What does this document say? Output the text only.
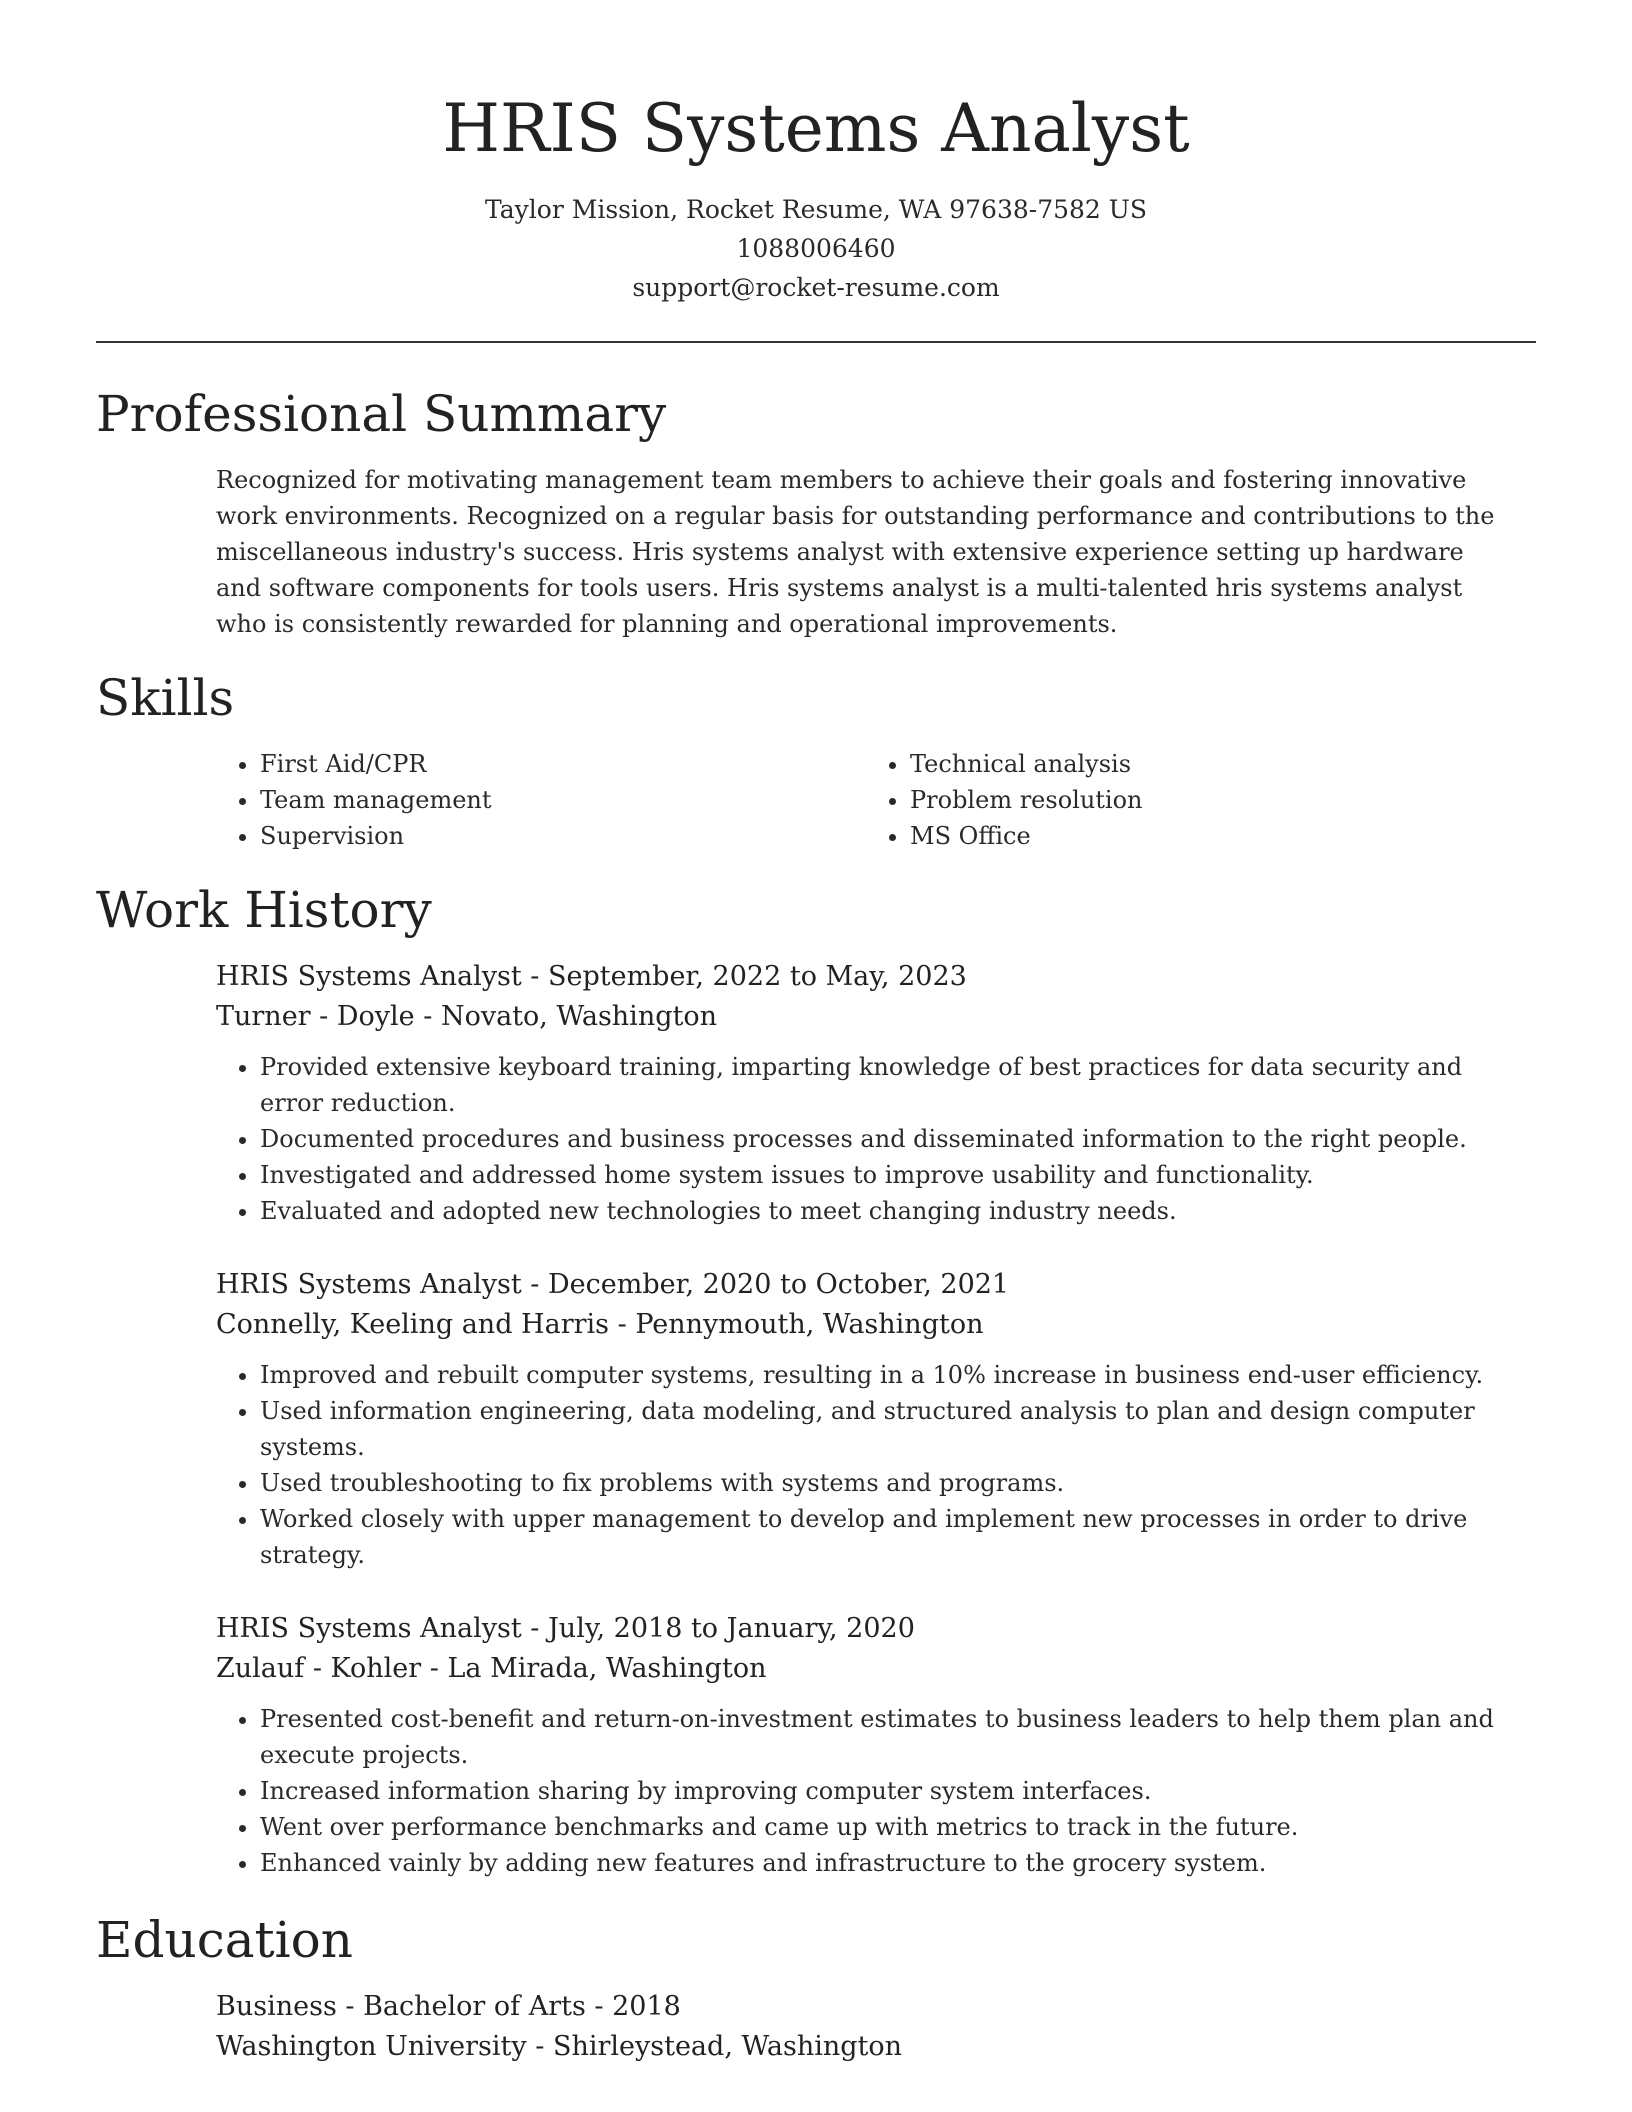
HRIS Systems Analyst
Taylor Mission, Rocket Resume, WA 97638-7582 US
1088006460
support@rocket-resume.com
Professional Summary

Recognized for motivating management team members to achieve their goals and fostering innovative work environments. Recognized on a regular basis for outstanding performance and contributions to the miscellaneous industry's success. Hris systems analyst with extensive experience setting up hardware and software components for tools users. Hris systems analyst is a multi-talented hris systems analyst who is consistently rewarded for planning and operational improvements.

Skills
• First Aid/CPR
• Team management
• Supervision
• Technical analysis
• Problem resolution
• MS Office
Work History
HRIS Systems Analyst - September, 2022 to May, 2023
Turner - Doyle - Novato, Washington
• Provided extensive keyboard training, imparting knowledge of best practices for data security and error reduction.
• Documented procedures and business processes and disseminated information to the right people.
• Investigated and addressed home system issues to improve usability and functionality.
• Evaluated and adopted new technologies to meet changing industry needs.
HRIS Systems Analyst - December, 2020 to October, 2021
Connelly, Keeling and Harris - Pennymouth, Washington
• Improved and rebuilt computer systems, resulting in a 10% increase in business end-user efficiency.
• Used information engineering, data modeling, and structured analysis to plan and design computer systems.
• Used troubleshooting to fix problems with systems and programs.
• Worked closely with upper management to develop and implement new processes in order to drive strategy.
HRIS Systems Analyst - July, 2018 to January, 2020
Zulauf - Kohler - La Mirada, Washington
• Presented cost-benefit and return-on-investment estimates to business leaders to help them plan and execute projects.
• Increased information sharing by improving computer system interfaces.
• Went over performance benchmarks and came up with metrics to track in the future.
• Enhanced vainly by adding new features and infrastructure to the grocery system.
Education
Business - Bachelor of Arts - 2018
Washington University - Shirleystead, Washington
